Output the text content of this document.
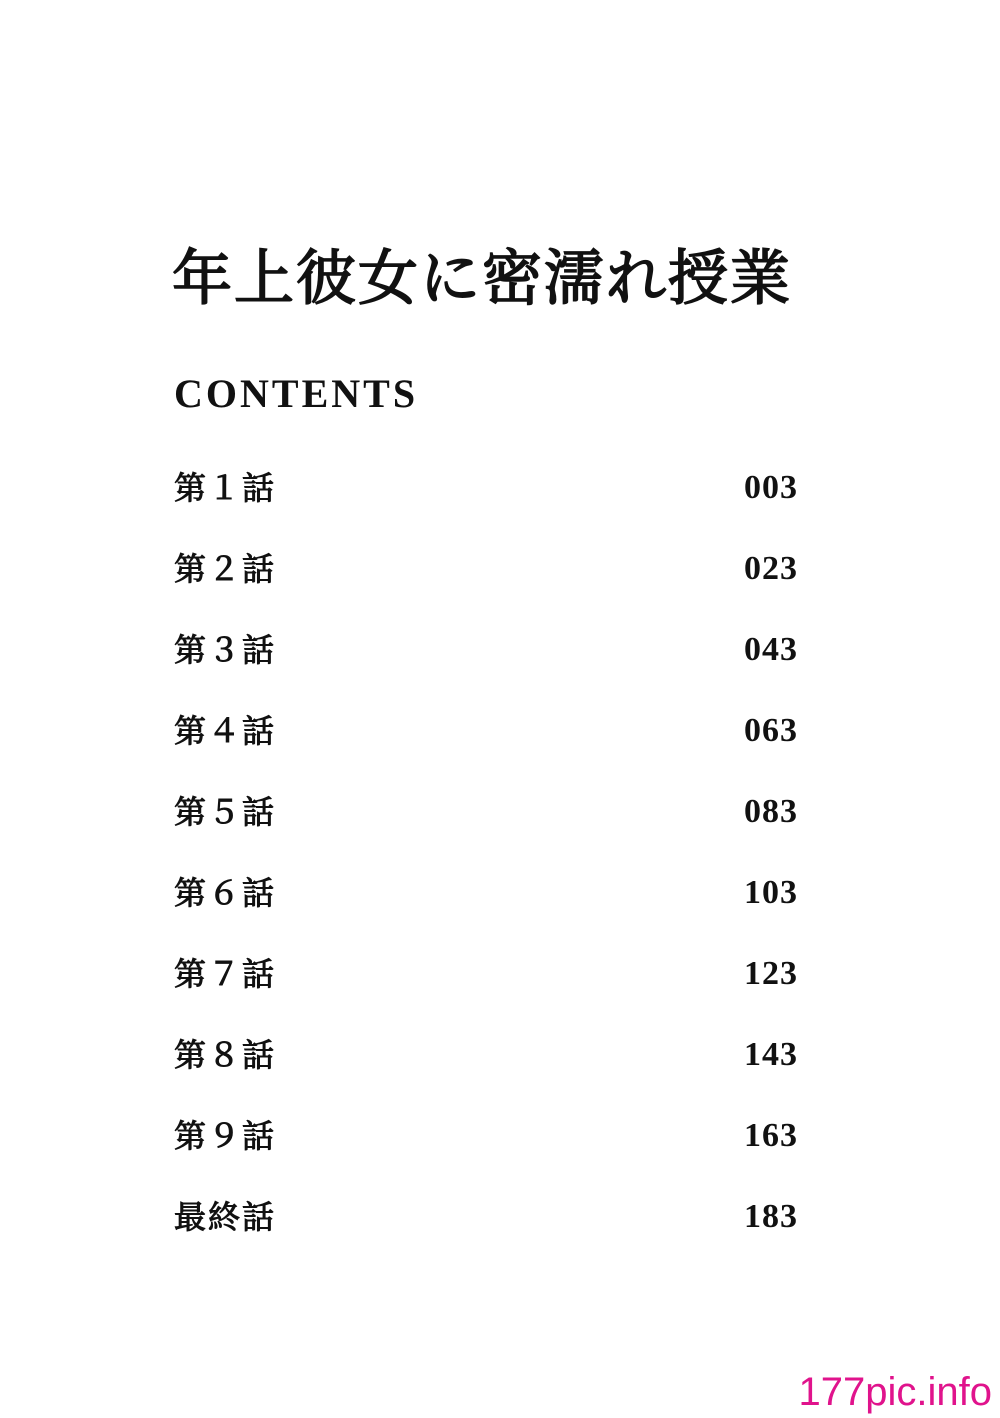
年上彼女に密濡れ授業
CONTENTS
第１話	003
第２話	023
第３話	043
第４話	063
第５話	083
第６話	103
第７話	123
第８話	143
第９話	163
最終話	183
177pic.info
